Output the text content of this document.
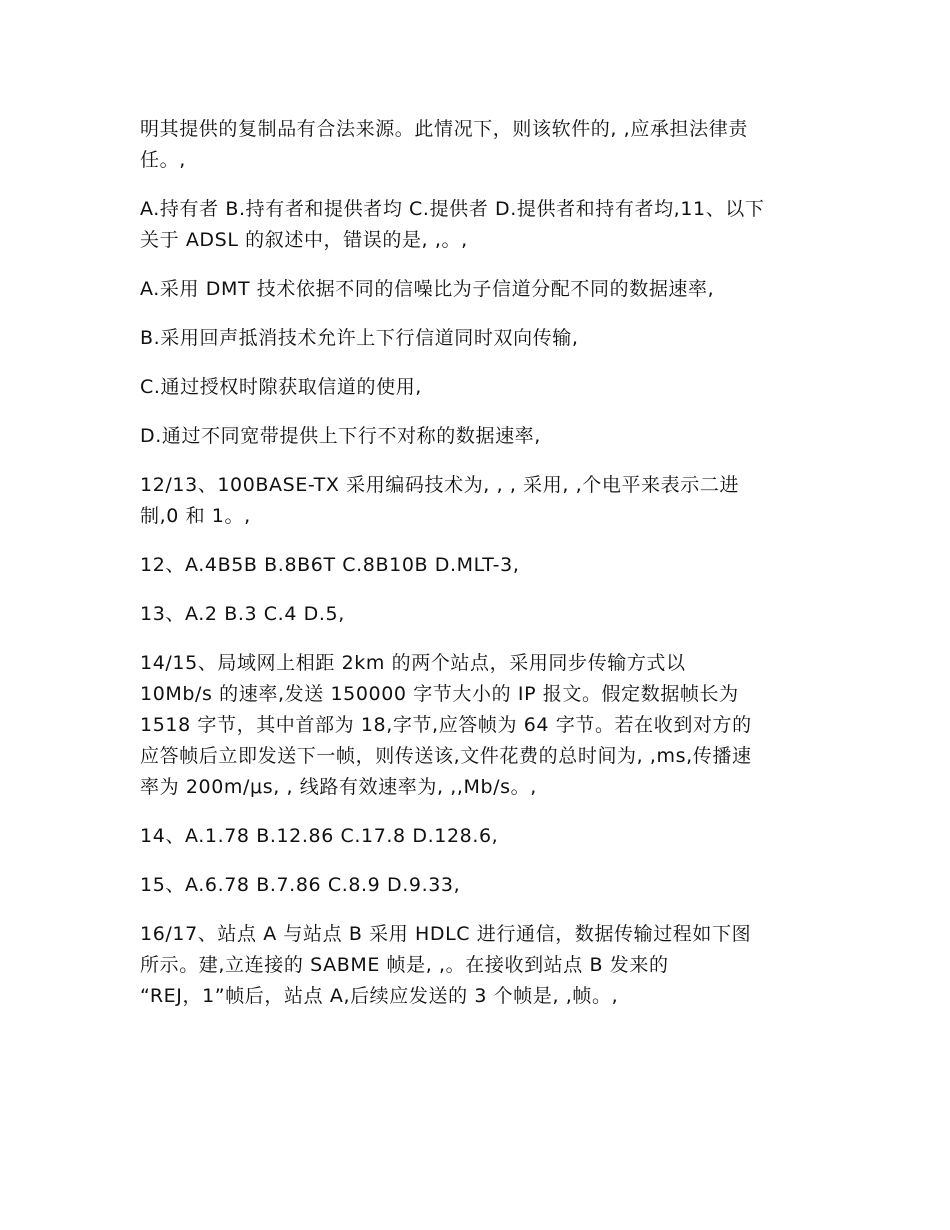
明其提供的复制品有合法来源。此情况下，则该软件的, ,应承担法律责
任。,

A.持有者 B.持有者和提供者均 C.提供者 D.提供者和持有者均,11、以下
关于 ADSL 的叙述中，错误的是, ,。,

A.采用 DMT 技术依据不同的信噪比为子信道分配不同的数据速率,

B.采用回声抵消技术允许上下行信道同时双向传输,

C.通过授权时隙获取信道的使用,

D.通过不同宽带提供上下行不对称的数据速率,

12/13、100BASE-TX 采用编码技术为, , , 采用, ,个电平来表示二进
制,0 和 1。,

12、A.4B5B B.8B6T C.8B10B D.MLT-3,

13、A.2 B.3 C.4 D.5,

14/15、局域网上相距 2km 的两个站点，采用同步传输方式以
10Mb/s 的速率,发送 150000 字节大小的 IP 报文。假定数据帧长为
1518 字节，其中首部为 18,字节,应答帧为 64 字节。若在收到对方的
应答帧后立即发送下一帧，则传送该,文件花费的总时间为, ,ms,传播速
率为 200m/μs, , 线路有效速率为, ,,Mb/s。,

14、A.1.78 B.12.86 C.17.8 D.128.6,

15、A.6.78 B.7.86 C.8.9 D.9.33,

16/17、站点 A 与站点 B 采用 HDLC 进行通信，数据传输过程如下图
所示。建,立连接的 SABME 帧是, ,。在接收到站点 B 发来的
“REJ，1”帧后，站点 A,后续应发送的 3 个帧是, ,帧。,
